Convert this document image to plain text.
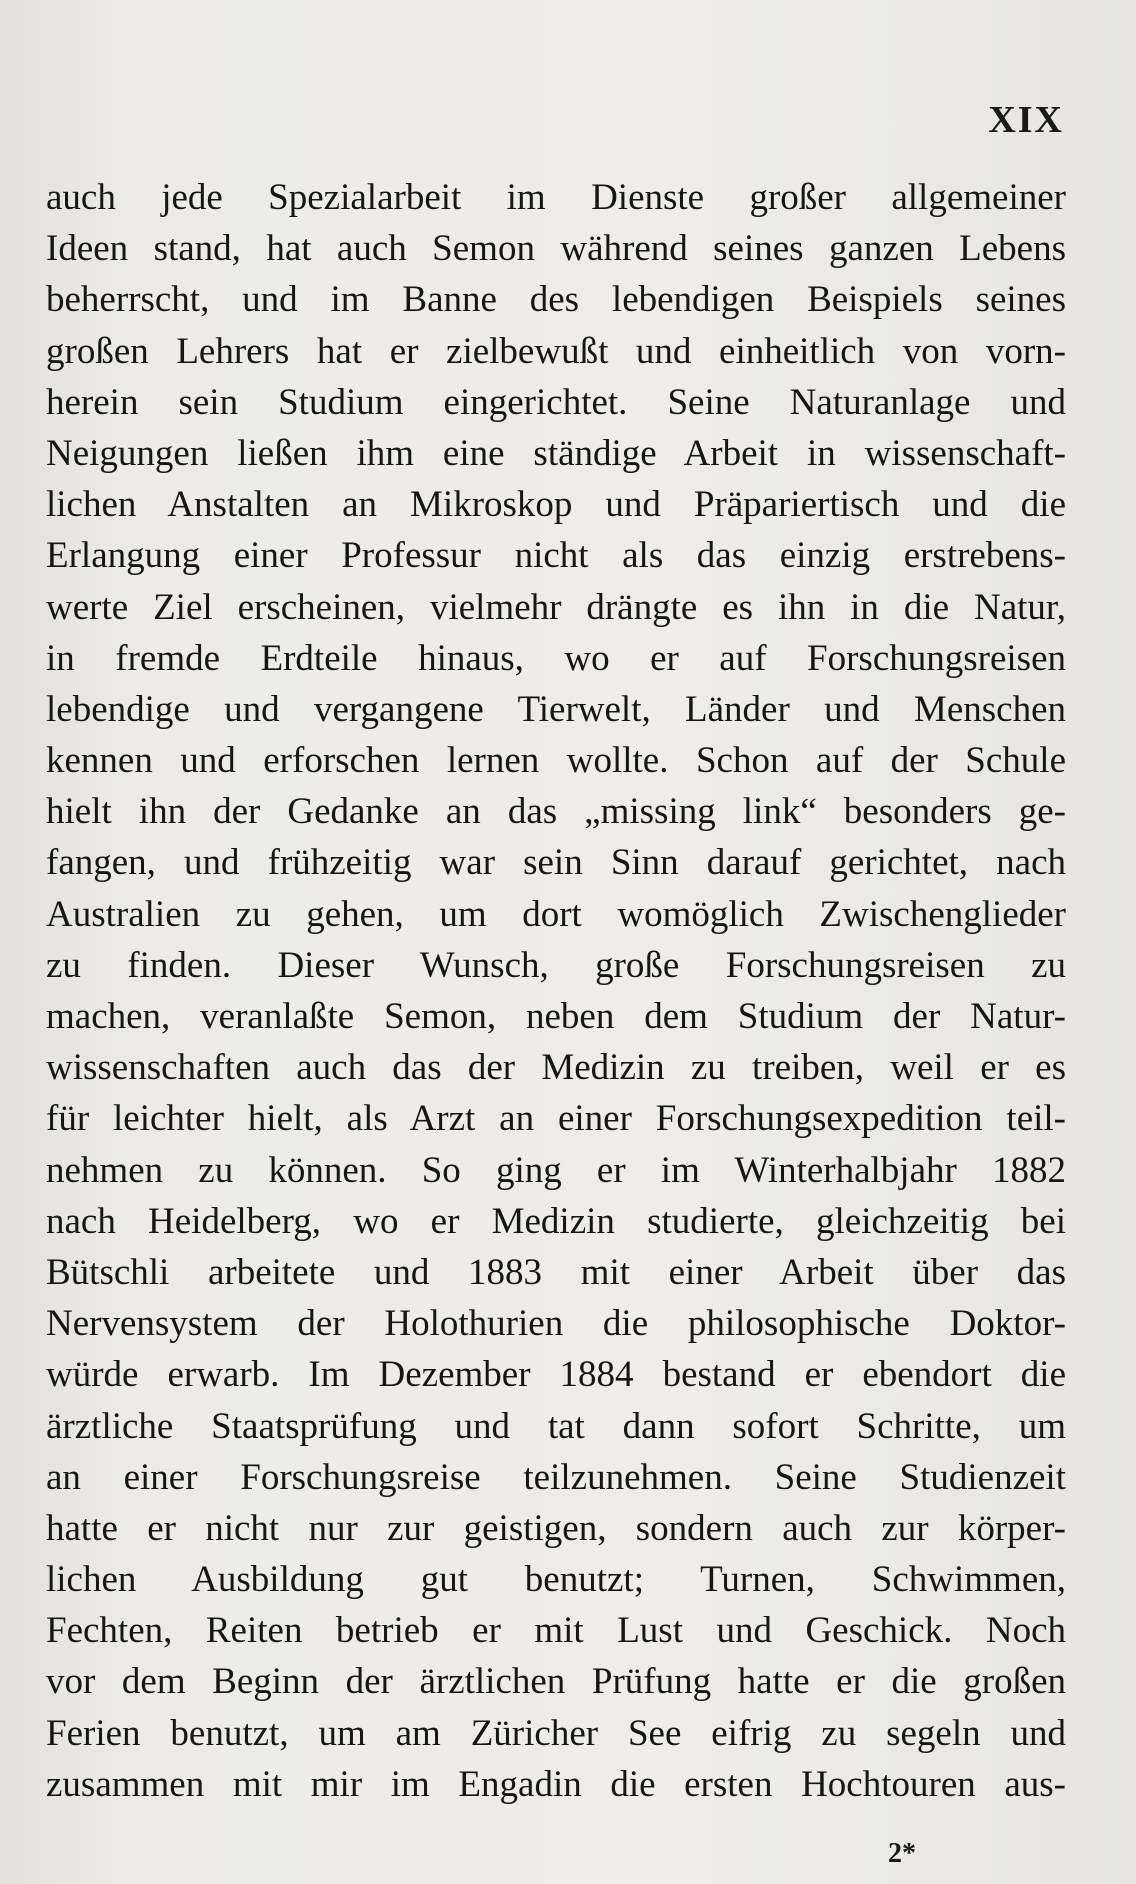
XIX
auch jede Spezialarbeit im Dienste großer allgemeiner
Ideen stand, hat auch Semon während seines ganzen Lebens
beherrscht, und im Banne des lebendigen Beispiels seines
großen Lehrers hat er zielbewußt und einheitlich von vorn-
herein sein Studium eingerichtet. Seine Naturanlage und
Neigungen ließen ihm eine ständige Arbeit in wissenschaft-
lichen Anstalten an Mikroskop und Präpariertisch und die
Erlangung einer Professur nicht als das einzig erstrebens-
werte Ziel erscheinen, vielmehr drängte es ihn in die Natur,
in fremde Erdteile hinaus, wo er auf Forschungsreisen
lebendige und vergangene Tierwelt, Länder und Menschen
kennen und erforschen lernen wollte. Schon auf der Schule
hielt ihn der Gedanke an das „missing link“ besonders ge-
fangen, und frühzeitig war sein Sinn darauf gerichtet, nach
Australien zu gehen, um dort womöglich Zwischenglieder
zu finden. Dieser Wunsch, große Forschungsreisen zu
machen, veranlaßte Semon, neben dem Studium der Natur-
wissenschaften auch das der Medizin zu treiben, weil er es
für leichter hielt, als Arzt an einer Forschungsexpedition teil-
nehmen zu können. So ging er im Winterhalbjahr 1882
nach Heidelberg, wo er Medizin studierte, gleichzeitig bei
Bütschli arbeitete und 1883 mit einer Arbeit über das
Nervensystem der Holothurien die philosophische Doktor-
würde erwarb. Im Dezember 1884 bestand er ebendort die
ärztliche Staatsprüfung und tat dann sofort Schritte, um
an einer Forschungsreise teilzunehmen. Seine Studienzeit
hatte er nicht nur zur geistigen, sondern auch zur körper-
lichen Ausbildung gut benutzt; Turnen, Schwimmen,
Fechten, Reiten betrieb er mit Lust und Geschick. Noch
vor dem Beginn der ärztlichen Prüfung hatte er die großen
Ferien benutzt, um am Züricher See eifrig zu segeln und
zusammen mit mir im Engadin die ersten Hochtouren aus-
2*
